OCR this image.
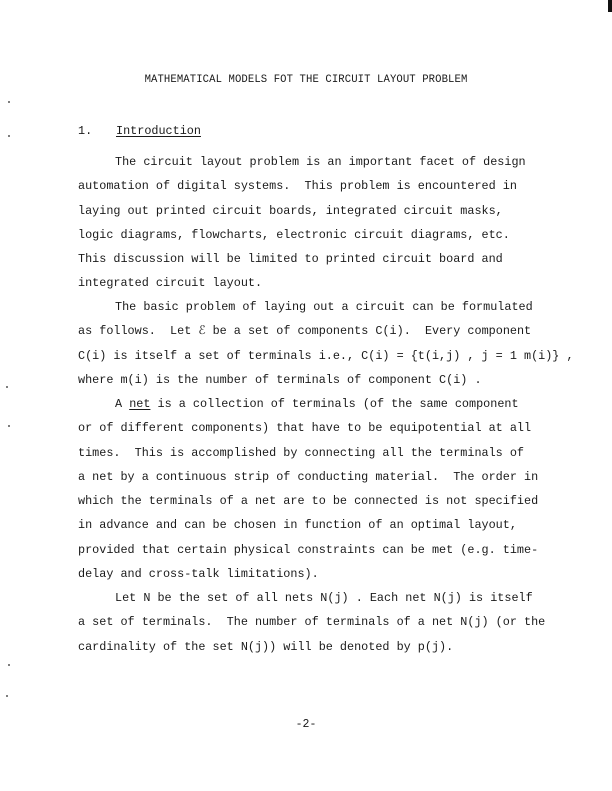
MATHEMATICAL MODELS FOT THE CIRCUIT LAYOUT PROBLEM
1. Introduction
The circuit layout problem is an important facet of design
automation of digital systems.  This problem is encountered in
laying out printed circuit boards, integrated circuit masks,
logic diagrams, flowcharts, electronic circuit diagrams, etc.
This discussion will be limited to printed circuit board and
integrated circuit layout.
The basic problem of laying out a circuit can be formulated
as follows.  Let ℰ be a set of components C(i).  Every component
C(i) is itself a set of terminals i.e., C(i) = {t(i,j) , j = 1 m(i)} ,
where m(i) is the number of terminals of component C(i) .
A net is a collection of terminals (of the same component
or of different components) that have to be equipotential at all
times.  This is accomplished by connecting all the terminals of
a net by a continuous strip of conducting material.  The order in
which the terminals of a net are to be connected is not specified
in advance and can be chosen in function of an optimal layout,
provided that certain physical constraints can be met (e.g. time-
delay and cross-talk limitations).
Let N be the set of all nets N(j) . Each net N(j) is itself
a set of terminals.  The number of terminals of a net N(j) (or the
cardinality of the set N(j)) will be denoted by p(j).
-2-
